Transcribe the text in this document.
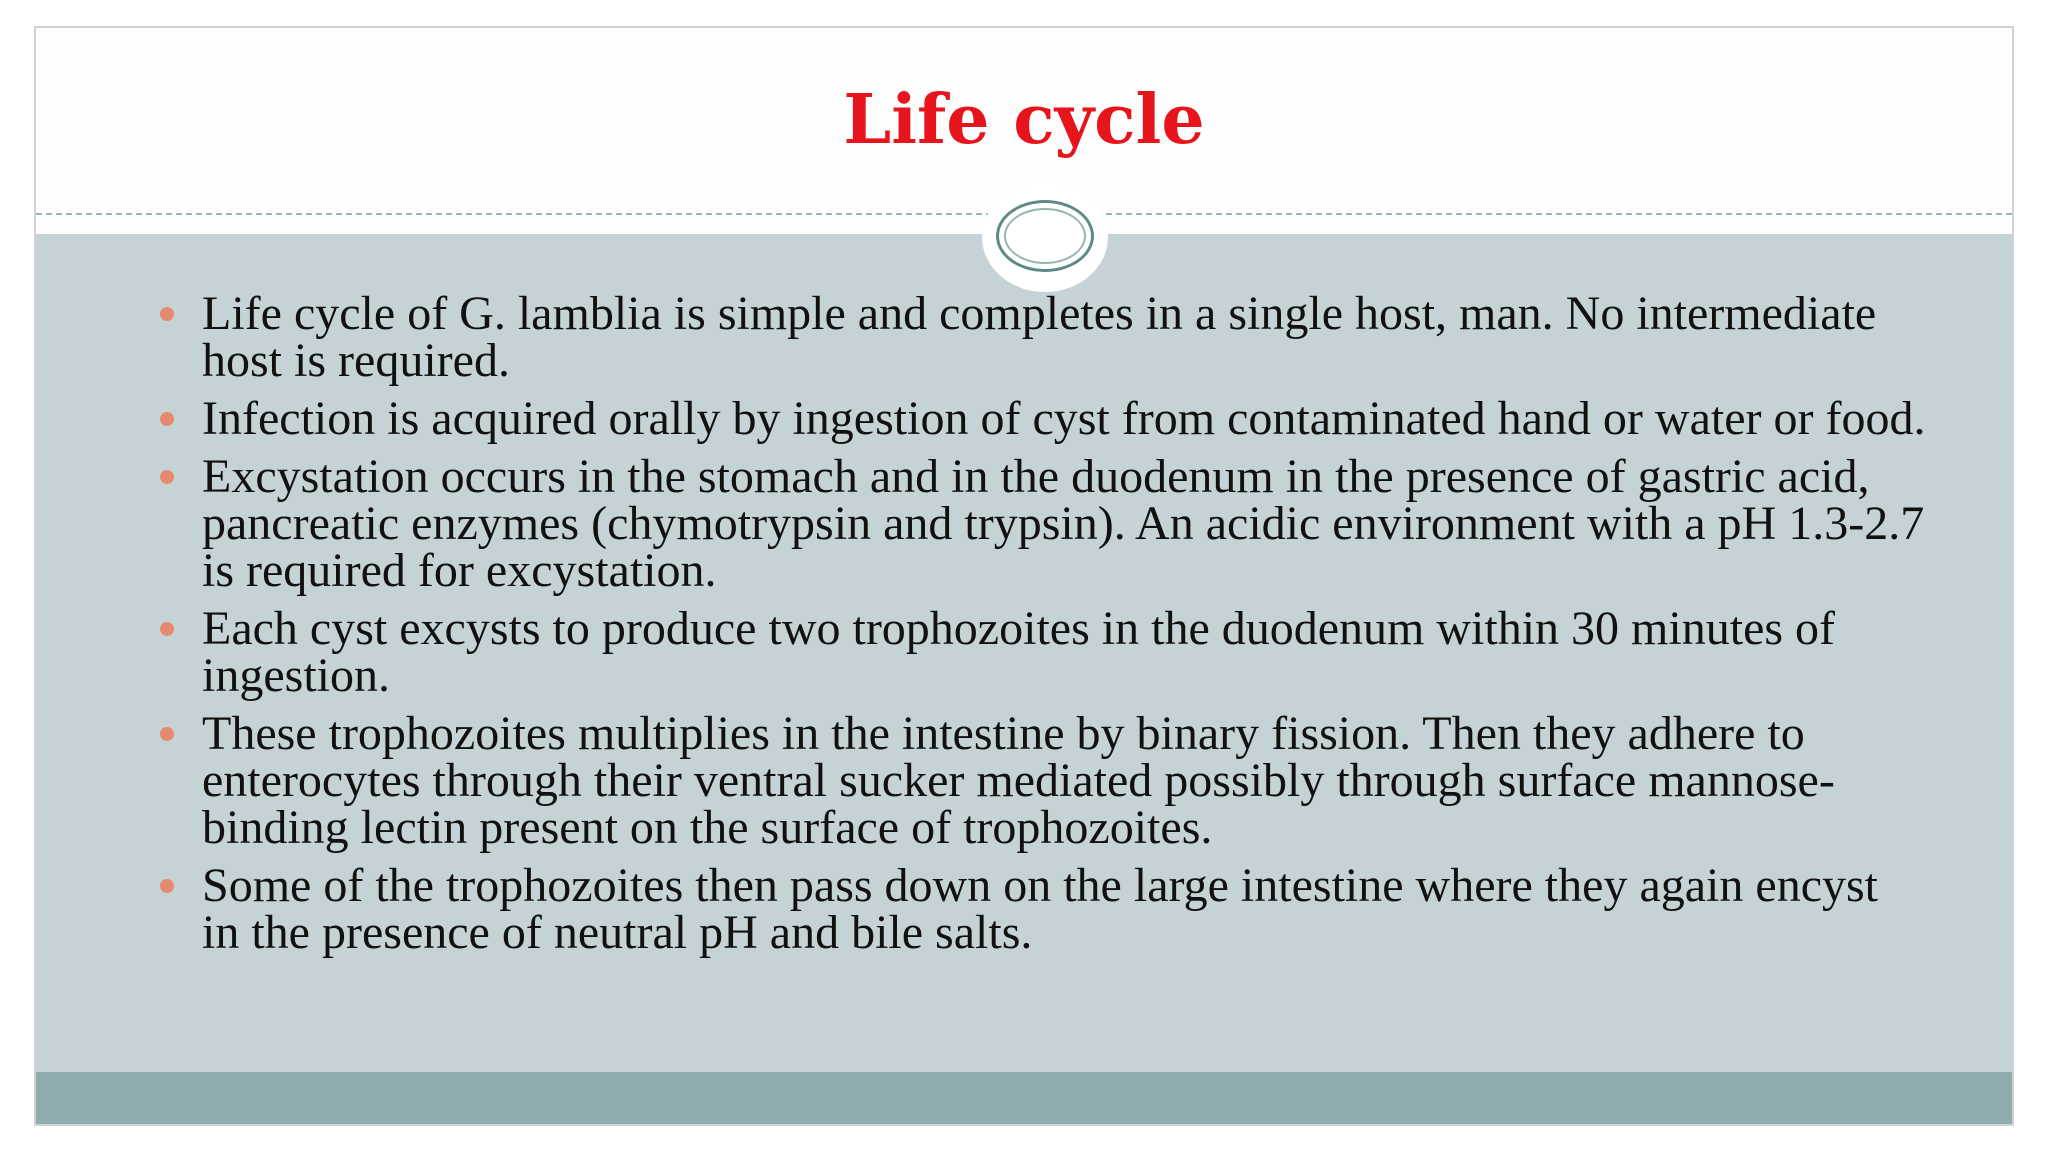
Life cycle
Life cycle of G. lamblia is simple and completes in a single host, man. No intermediate host is required.
Infection is acquired orally by ingestion of cyst from contaminated hand or water or food.
Excystation occurs in the stomach and in the duodenum in the presence of gastric acid, pancreatic enzymes (chymotrypsin and trypsin). An acidic environment with a pH 1.3-2.7 is required for excystation.
Each cyst excysts to produce two trophozoites in the duodenum within 30 minutes of ingestion.
These trophozoites multiplies in the intestine by binary fission. Then they adhere to enterocytes through their ventral sucker mediated possibly through surface mannose-binding lectin present on the surface of trophozoites.
Some of the trophozoites then pass down on the large intestine where they again encyst in the presence of neutral pH and bile salts.
